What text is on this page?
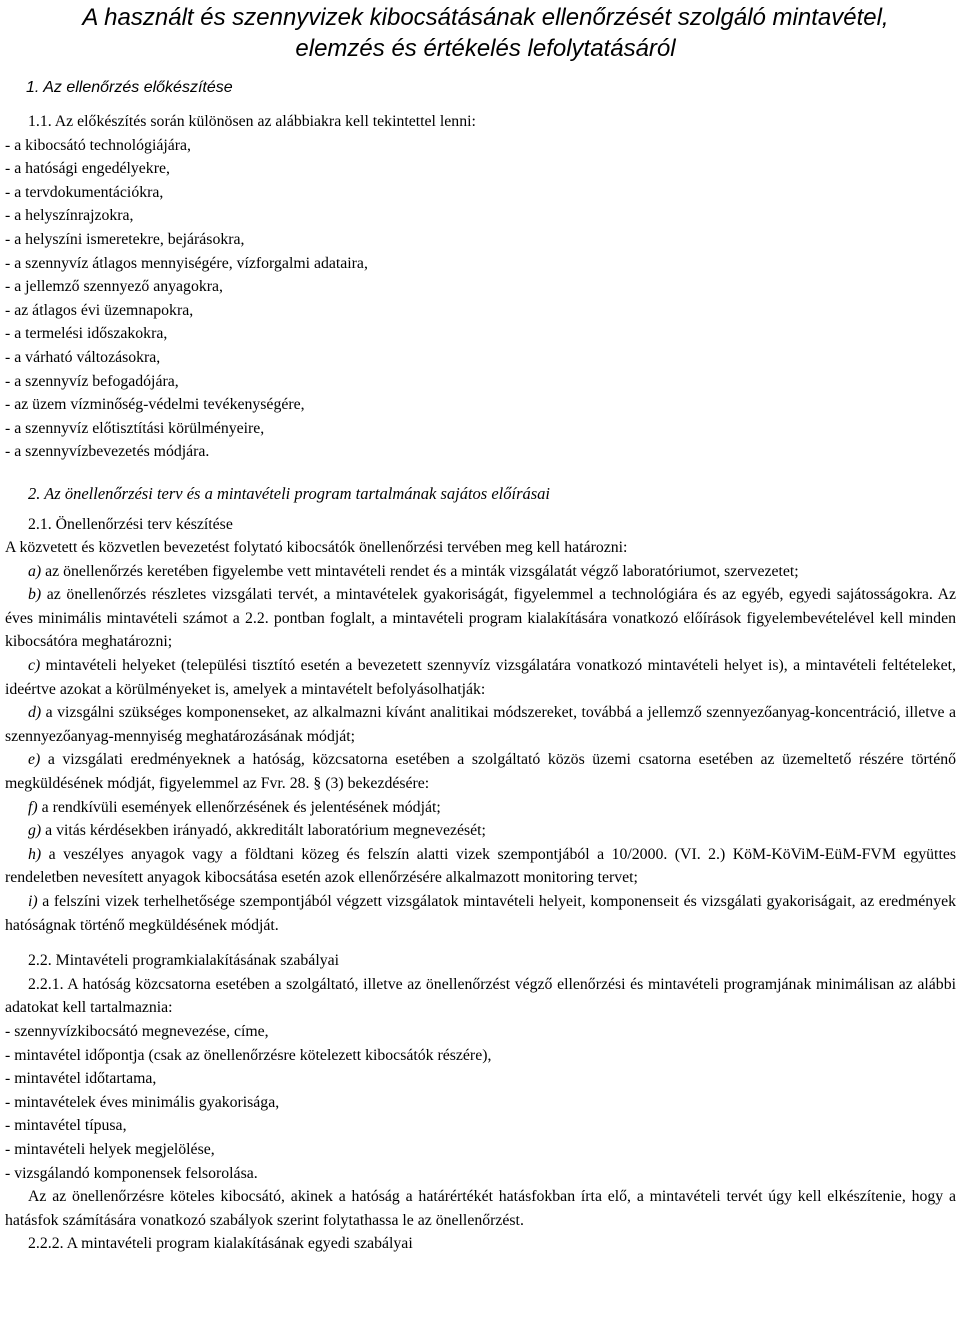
A használt és szennyvizek kibocsátásának ellenőrzését szolgáló mintavétel,
elemzés és értékelés lefolytatásáról
1. Az ellenőrzés előkészítése

1.1. Az előkészítés során különösen az alábbiakra kell tekintettel lenni:

- a kibocsátó technológiájára,
- a hatósági engedélyekre,
- a tervdokumentációkra,
- a helyszínrajzokra,
- a helyszíni ismeretekre, bejárásokra,
- a szennyvíz átlagos mennyiségére, vízforgalmi adataira,
- a jellemző szennyező anyagokra,
- az átlagos évi üzemnapokra,
- a termelési időszakokra,
- a várható változásokra,
- a szennyvíz befogadójára,
- az üzem vízminőség-védelmi tevékenységére,
- a szennyvíz előtisztítási körülményeire,
- a szennyvízbevezetés módjára.
2. Az önellenőrzési terv és a mintavételi program tartalmának sajátos előírásai

2.1. Önellenőrzési terv készítése

A közvetett és közvetlen bevezetést folytató kibocsátók önellenőrzési tervében meg kell határozni:

a) az önellenőrzés keretében figyelembe vett mintavételi rendet és a minták vizsgálatát végző laboratóriumot, szervezetet;

b) az önellenőrzés részletes vizsgálati tervét, a mintavételek gyakoriságát, figyelemmel a technológiára és az egyéb, egyedi sajátosságokra. Az éves minimális mintavételi számot a 2.2. pontban foglalt, a mintavételi program kialakítására vonatkozó előírások figyelembevételével kell minden kibocsátóra meghatározni;

c) mintavételi helyeket (települési tisztító esetén a bevezetett szennyvíz vizsgálatára vonatkozó mintavételi helyet is), a mintavételi feltételeket, ideértve azokat a körülményeket is, amelyek a mintavételt befolyásolhatják:

d) a vizsgálni szükséges komponenseket, az alkalmazni kívánt analitikai módszereket, továbbá a jellemző szennyezőanyag-koncentráció, illetve a szennyezőanyag-mennyiség meghatározásának módját;

e) a vizsgálati eredményeknek a hatóság, közcsatorna esetében a szolgáltató közös üzemi csatorna esetében az üzemeltető részére történő megküldésének módját, figyelemmel az Fvr. 28. § (3) bekezdésére:

f) a rendkívüli események ellenőrzésének és jelentésének módját;

g) a vitás kérdésekben irányadó, akkreditált laboratórium megnevezését;

h) a veszélyes anyagok vagy a földtani közeg és felszín alatti vizek szempontjából a 10/2000. (VI. 2.) KöM-KöViM-EüM-FVM együttes rendeletben nevesített anyagok kibocsátása esetén azok ellenőrzésére alkalmazott monitoring tervet;

i) a felszíni vizek terhelhetősége szempontjából végzett vizsgálatok mintavételi helyeit, komponenseit és vizsgálati gyakoriságait, az eredmények hatóságnak történő megküldésének módját.

2.2. Mintavételi programkialakításának szabályai

2.2.1. A hatóság közcsatorna esetében a szolgáltató, illetve az önellenőrzést végző ellenőrzési és mintavételi programjának minimálisan az alábbi adatokat kell tartalmaznia:

- szennyvízkibocsátó megnevezése, címe,
- mintavétel időpontja (csak az önellenőrzésre kötelezett kibocsátók részére),
- mintavétel időtartama,
- mintavételek éves minimális gyakorisága,
- mintavétel típusa,
- mintavételi helyek megjelölése,
- vizsgálandó komponensek felsorolása.

Az az önellenőrzésre köteles kibocsátó, akinek a hatóság a határértékét hatásfokban írta elő, a mintavételi tervét úgy kell elkészítenie, hogy a hatásfok számítására vonatkozó szabályok szerint folytathassa le az önellenőrzést.

2.2.2. A mintavételi program kialakításának egyedi szabályai
